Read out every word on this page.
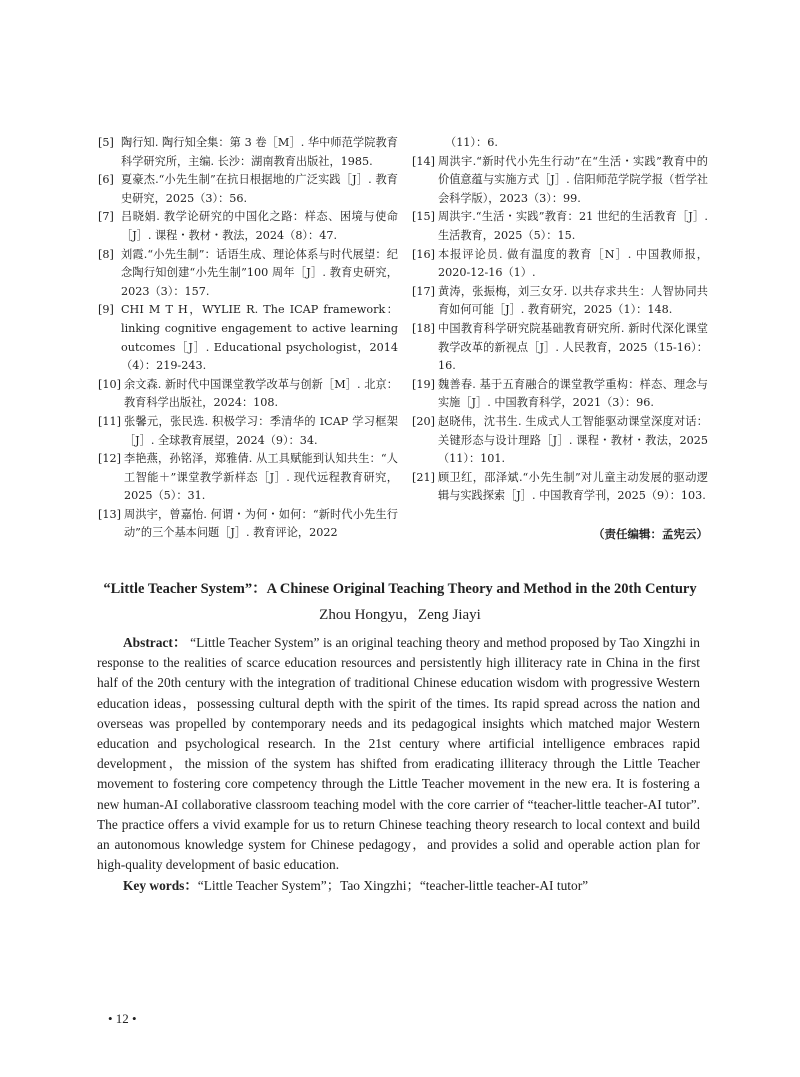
[5] 陶行知. 陶行知全集：第 3 卷［M］. 华中师范学院教育科学研究所，主编. 长沙：湖南教育出版社，1985.
[6] 夏豪杰.“小先生制”在抗日根据地的广泛实践［J］. 教育史研究，2025（3）：56.
[7] 吕晓娟. 教学论研究的中国化之路：样态、困境与使命［J］. 课程・教材・教法，2024（8）：47.
[8] 刘霞.“小先生制”：话语生成、理论体系与时代展望：纪念陶行知创建“小先生制”100 周年［J］. 教育史研究，2023（3）：157.
[9] CHI M T H，WYLIE R. The ICAP framework：linking cognitive engagement to active learning outcomes［J］. Educational psychologist，2014（4）：219-243.
[10] 余文森. 新时代中国课堂教学改革与创新［M］. 北京：教育科学出版社，2024：108.
[11] 张馨元，张民选. 积极学习：季清华的 ICAP 学习框架［J］. 全球教育展望，2024（9）：34.
[12] 李艳燕，孙铭泽，郑雅倩. 从工具赋能到认知共生：“人工智能＋”课堂教学新样态［J］. 现代远程教育研究，2025（5）：31.
[13] 周洪宇，曾嘉怡. 何谓・为何・如何：“新时代小先生行动”的三个基本问题［J］. 教育评论，2022
（11）：6.
[14] 周洪宇.“新时代小先生行动”在“生活・实践”教育中的价值意蕴与实施方式［J］. 信阳师范学院学报（哲学社会科学版），2023（3）：99.
[15] 周洪宇.“生活・实践”教育：21 世纪的生活教育［J］. 生活教育，2025（5）：15.
[16] 本报评论员. 做有温度的教育［N］. 中国教师报，2020-12-16（1）.
[17] 黄涛，张振梅，刘三女牙. 以共存求共生：人智协同共育如何可能［J］. 教育研究，2025（1）：148.
[18] 中国教育科学研究院基础教育研究所. 新时代深化课堂教学改革的新视点［J］. 人民教育，2025（15-16）：16.
[19] 魏善春. 基于五育融合的课堂教学重构：样态、理念与实施［J］. 中国教育科学，2021（3）：96.
[20] 赵晓伟，沈书生. 生成式人工智能驱动课堂深度对话：关键形态与设计理路［J］. 课程・教材・教法，2025（11）：101.
[21] 顾卫红，邵泽斌.“小先生制”对儿童主动发展的驱动逻辑与实践探索［J］. 中国教育学刊，2025（9）：103.
（责任编辑：孟宪云）
“Little Teacher System”：A Chinese Original Teaching Theory and Method in the 20th Century
Zhou Hongyu，Zeng Jiayi

Abstract： “Little Teacher System” is an original teaching theory and method proposed by Tao Xingzhi in response to the realities of scarce education resources and persistently high illiteracy rate in China in the first half of the 20th century with the integration of traditional Chinese education wisdom with progressive Western education ideas，possessing cultural depth with the spirit of the times. Its rapid spread across the nation and overseas was propelled by contemporary needs and its pedagogical insights which matched major Western education and psychological research. In the 21st century where artificial intelligence embraces rapid development，the mission of the system has shifted from eradicating illiteracy through the Little Teacher movement to fostering core competency through the Little Teacher movement in the new era. It is fostering a new human-AI collaborative classroom teaching model with the core carrier of “teacher-little teacher-AI tutor”. The practice offers a vivid example for us to return Chinese teaching theory research to local context and build an autonomous knowledge system for Chinese pedagogy，and provides a solid and operable action plan for high-quality development of basic education.

Key words：“Little Teacher System”；Tao Xingzhi；“teacher-little teacher-AI tutor”

• 12 •
